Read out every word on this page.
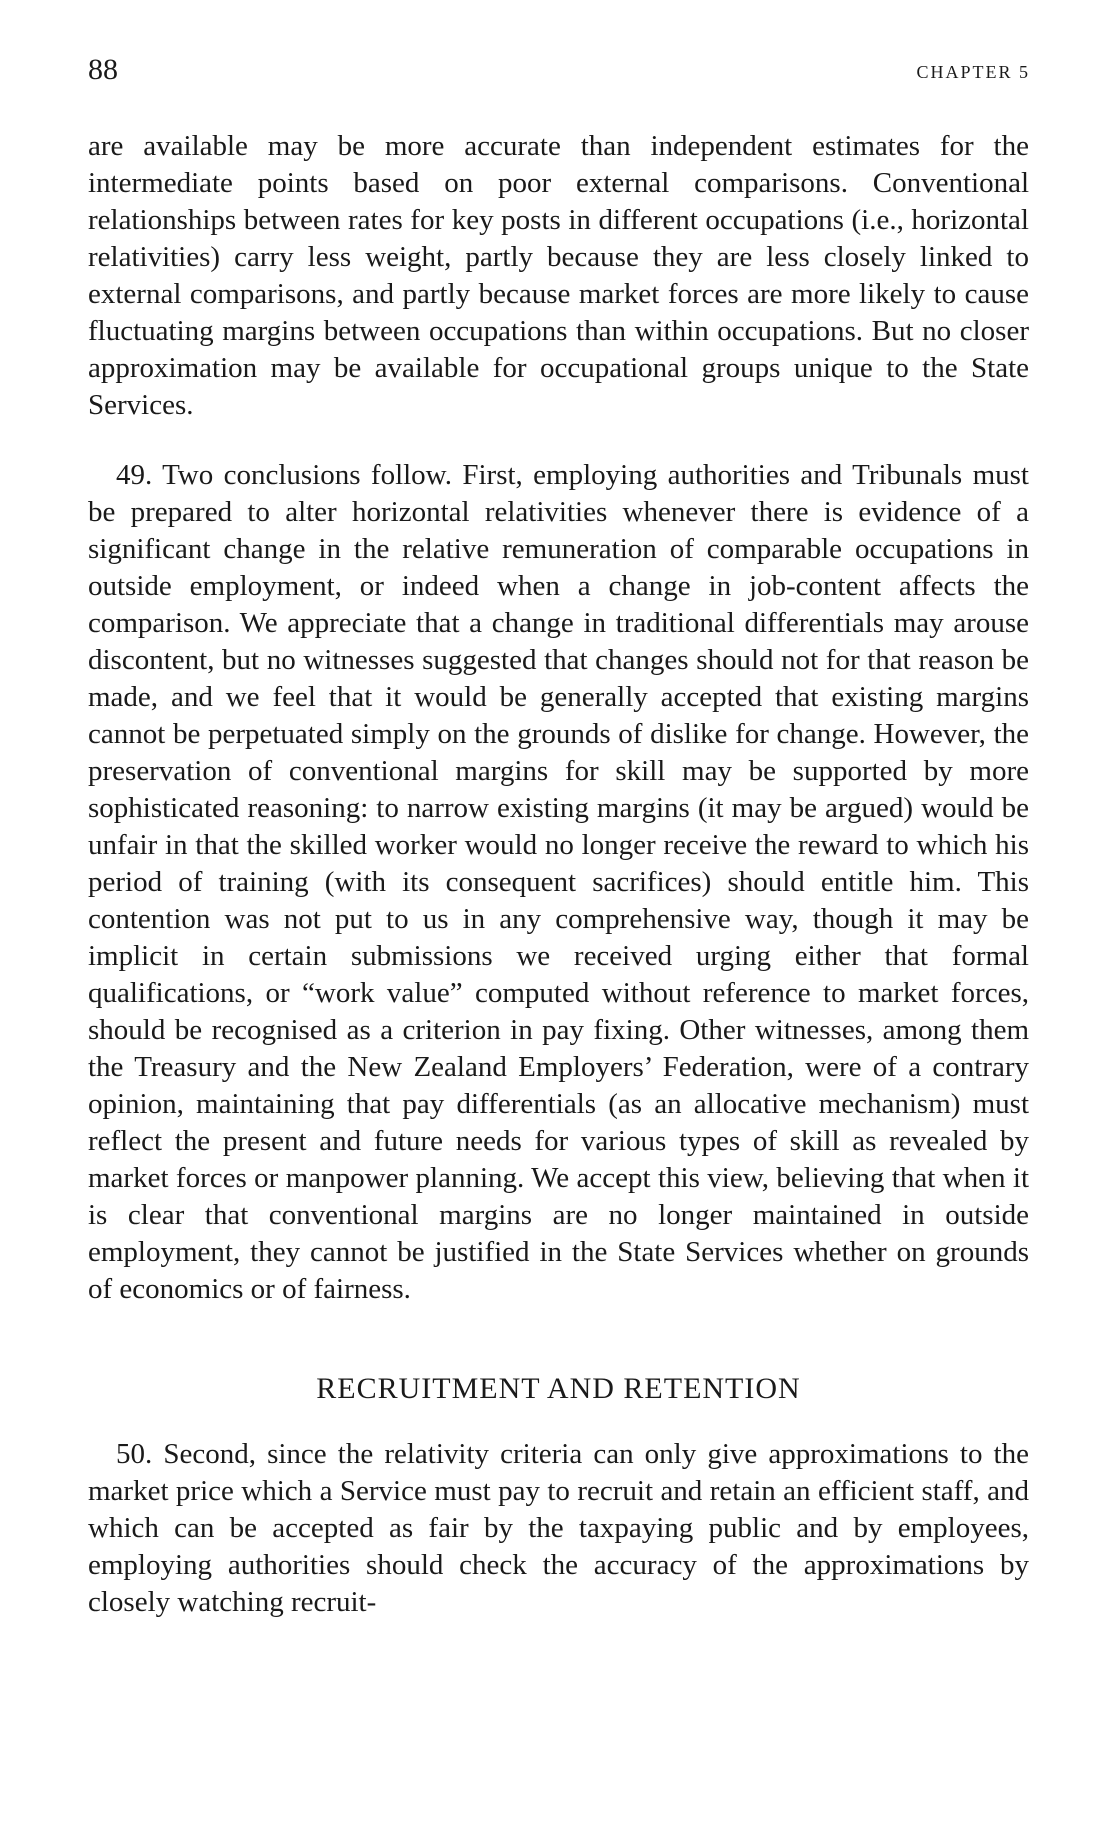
88	CHAPTER 5

are available may be more accurate than independent estimates for the intermediate points based on poor external comparisons. Conventional relationships between rates for key posts in different occupations (i.e., horizontal relativities) carry less weight, partly because they are less closely linked to external comparisons, and partly because market forces are more likely to cause fluctuating margins between occupations than within occupations. But no closer approximation may be available for occupational groups unique to the State Services.

49. Two conclusions follow. First, employing authorities and Tribunals must be prepared to alter horizontal relativities whenever there is evidence of a significant change in the relative remuneration of comparable occupations in outside employment, or indeed when a change in job-content affects the comparison. We appreciate that a change in traditional differentials may arouse discontent, but no witnesses suggested that changes should not for that reason be made, and we feel that it would be generally accepted that existing margins cannot be perpetuated simply on the grounds of dislike for change. However, the preservation of conventional margins for skill may be supported by more sophisticated reasoning: to narrow existing margins (it may be argued) would be unfair in that the skilled worker would no longer receive the reward to which his period of training (with its consequent sacrifices) should entitle him. This contention was not put to us in any comprehensive way, though it may be implicit in certain submissions we received urging either that formal qualifications, or “work value” computed without reference to market forces, should be recognised as a criterion in pay fixing. Other witnesses, among them the Treasury and the New Zealand Employers’ Federation, were of a contrary opinion, maintaining that pay differentials (as an allocative mechanism) must reflect the present and future needs for various types of skill as revealed by market forces or manpower planning. We accept this view, believing that when it is clear that conventional margins are no longer maintained in outside employment, they cannot be justified in the State Services whether on grounds of economics or of fairness.

RECRUITMENT AND RETENTION

50. Second, since the relativity criteria can only give approximations to the market price which a Service must pay to recruit and retain an efficient staff, and which can be accepted as fair by the taxpaying public and by employees, employing authorities should check the accuracy of the approximations by closely watching recruit-
